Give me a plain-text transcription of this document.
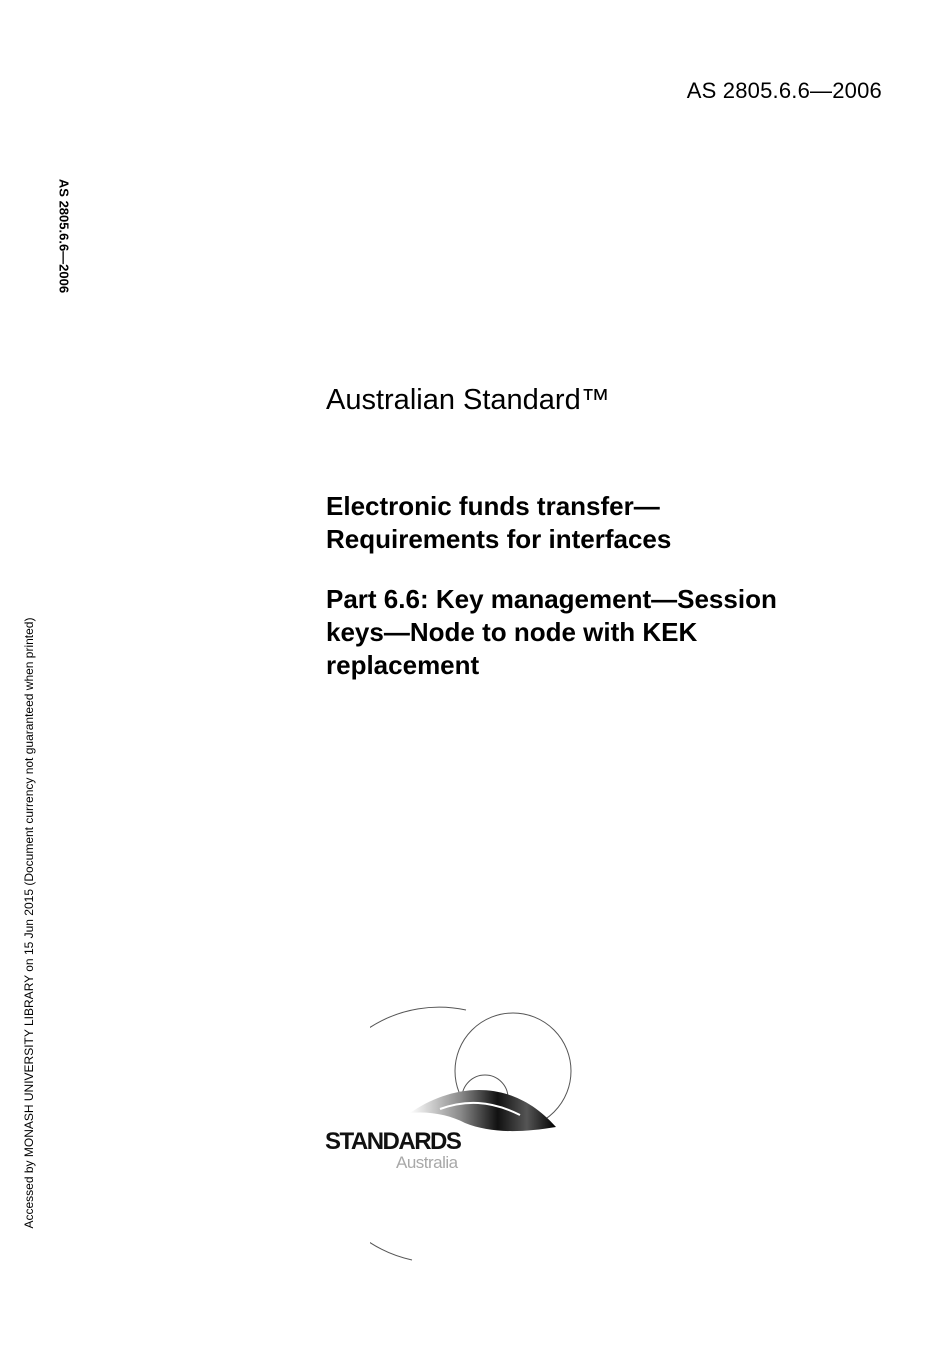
AS 2805.6.6—2006
AS 2805.6.6—2006
Accessed by MONASH UNIVERSITY LIBRARY on 15 Jun 2015 (Document currency not guaranteed when printed)
Australian Standard™
Electronic funds transfer—
Requirements for interfaces
Part 6.6: Key management—Session
keys—Node to node with KEK
replacement
STANDARDS
Australia
